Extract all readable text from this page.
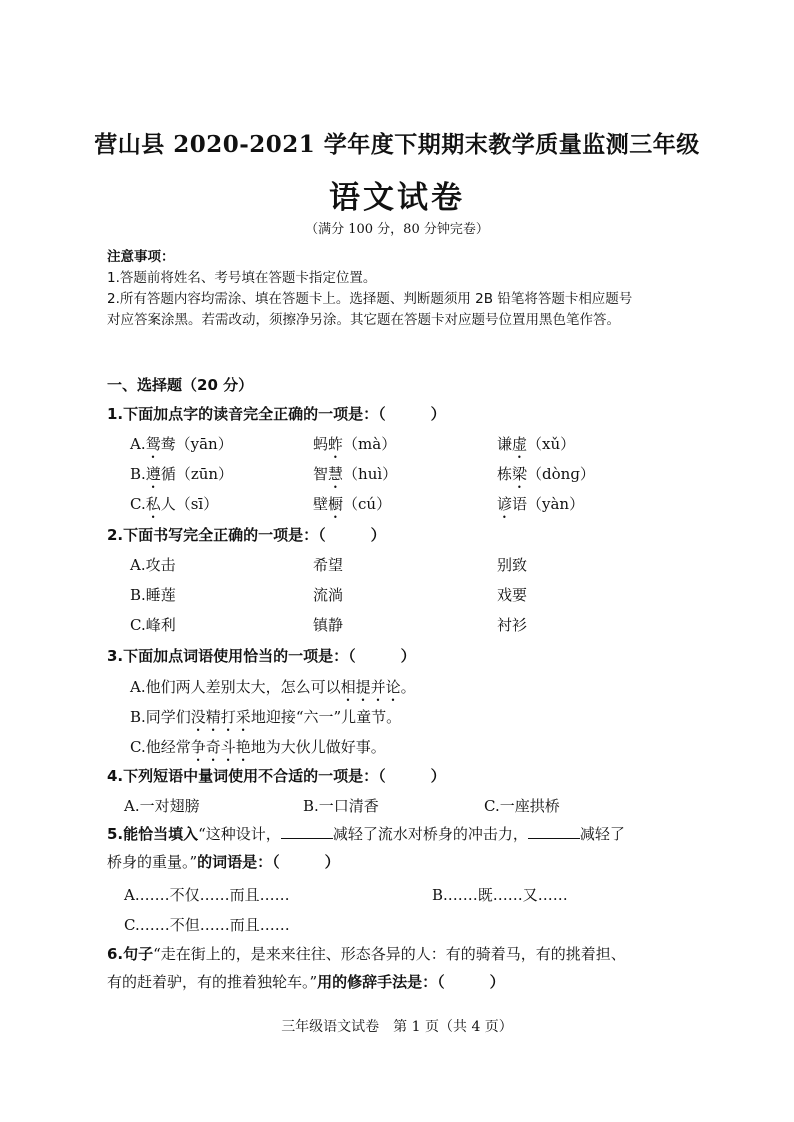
营山县 2020-2021 学年度下期期末教学质量监测三年级
语文试卷
（满分 100 分，80 分钟完卷）
注意事项：
1.答题前将姓名、考号填在答题卡指定位置。
2.所有答题内容均需涂、填在答题卡上。选择题、判断题须用 2B 铅笔将答题卡相应题号
对应答案涂黑。若需改动，须擦净另涂。其它题在答题卡对应题号位置用黑色笔作答。
一、选择题（20 分）
1.下面加点字的读音完全正确的一项是：（　　　）
A.鸳鸯（yān）	蚂蚱（mà）	谦虚（xǔ）
B.遵循（zūn）	智慧（huì）	栋梁（dònɡ）
C.私人（sī）	壁橱（cú）	谚语（yàn）
2.下面书写完全正确的一项是：（　　　）
A.攻击	希望	别致
B.睡莲	流淌	戏要
C.峰利	镇静	衬衫
3.下面加点词语使用恰当的一项是：（　　　）
A.他们两人差别太大，怎么可以相提并论。
B.同学们没精打采地迎接“六一”儿童节。
C.他经常争奇斗艳地为大伙儿做好事。
4.下列短语中量词使用不合适的一项是：（　　　）
A.一对翅膀	B.一口清香	C.一座拱桥
5.能恰当填入“这种设计，	减轻了流水对桥身的冲击力，	减轻了
桥身的重量。”的词语是：（　　　）
A.……不仅……而且……	B.……既……又……
C.……不但……而且……
6.句子“走在街上的，是来来往往、形态各异的人：有的骑着马，有的挑着担、
有的赶着驴，有的推着独轮车。”用的修辞手法是：（　　　）
三年级语文试卷　第 1 页（共 4 页）
